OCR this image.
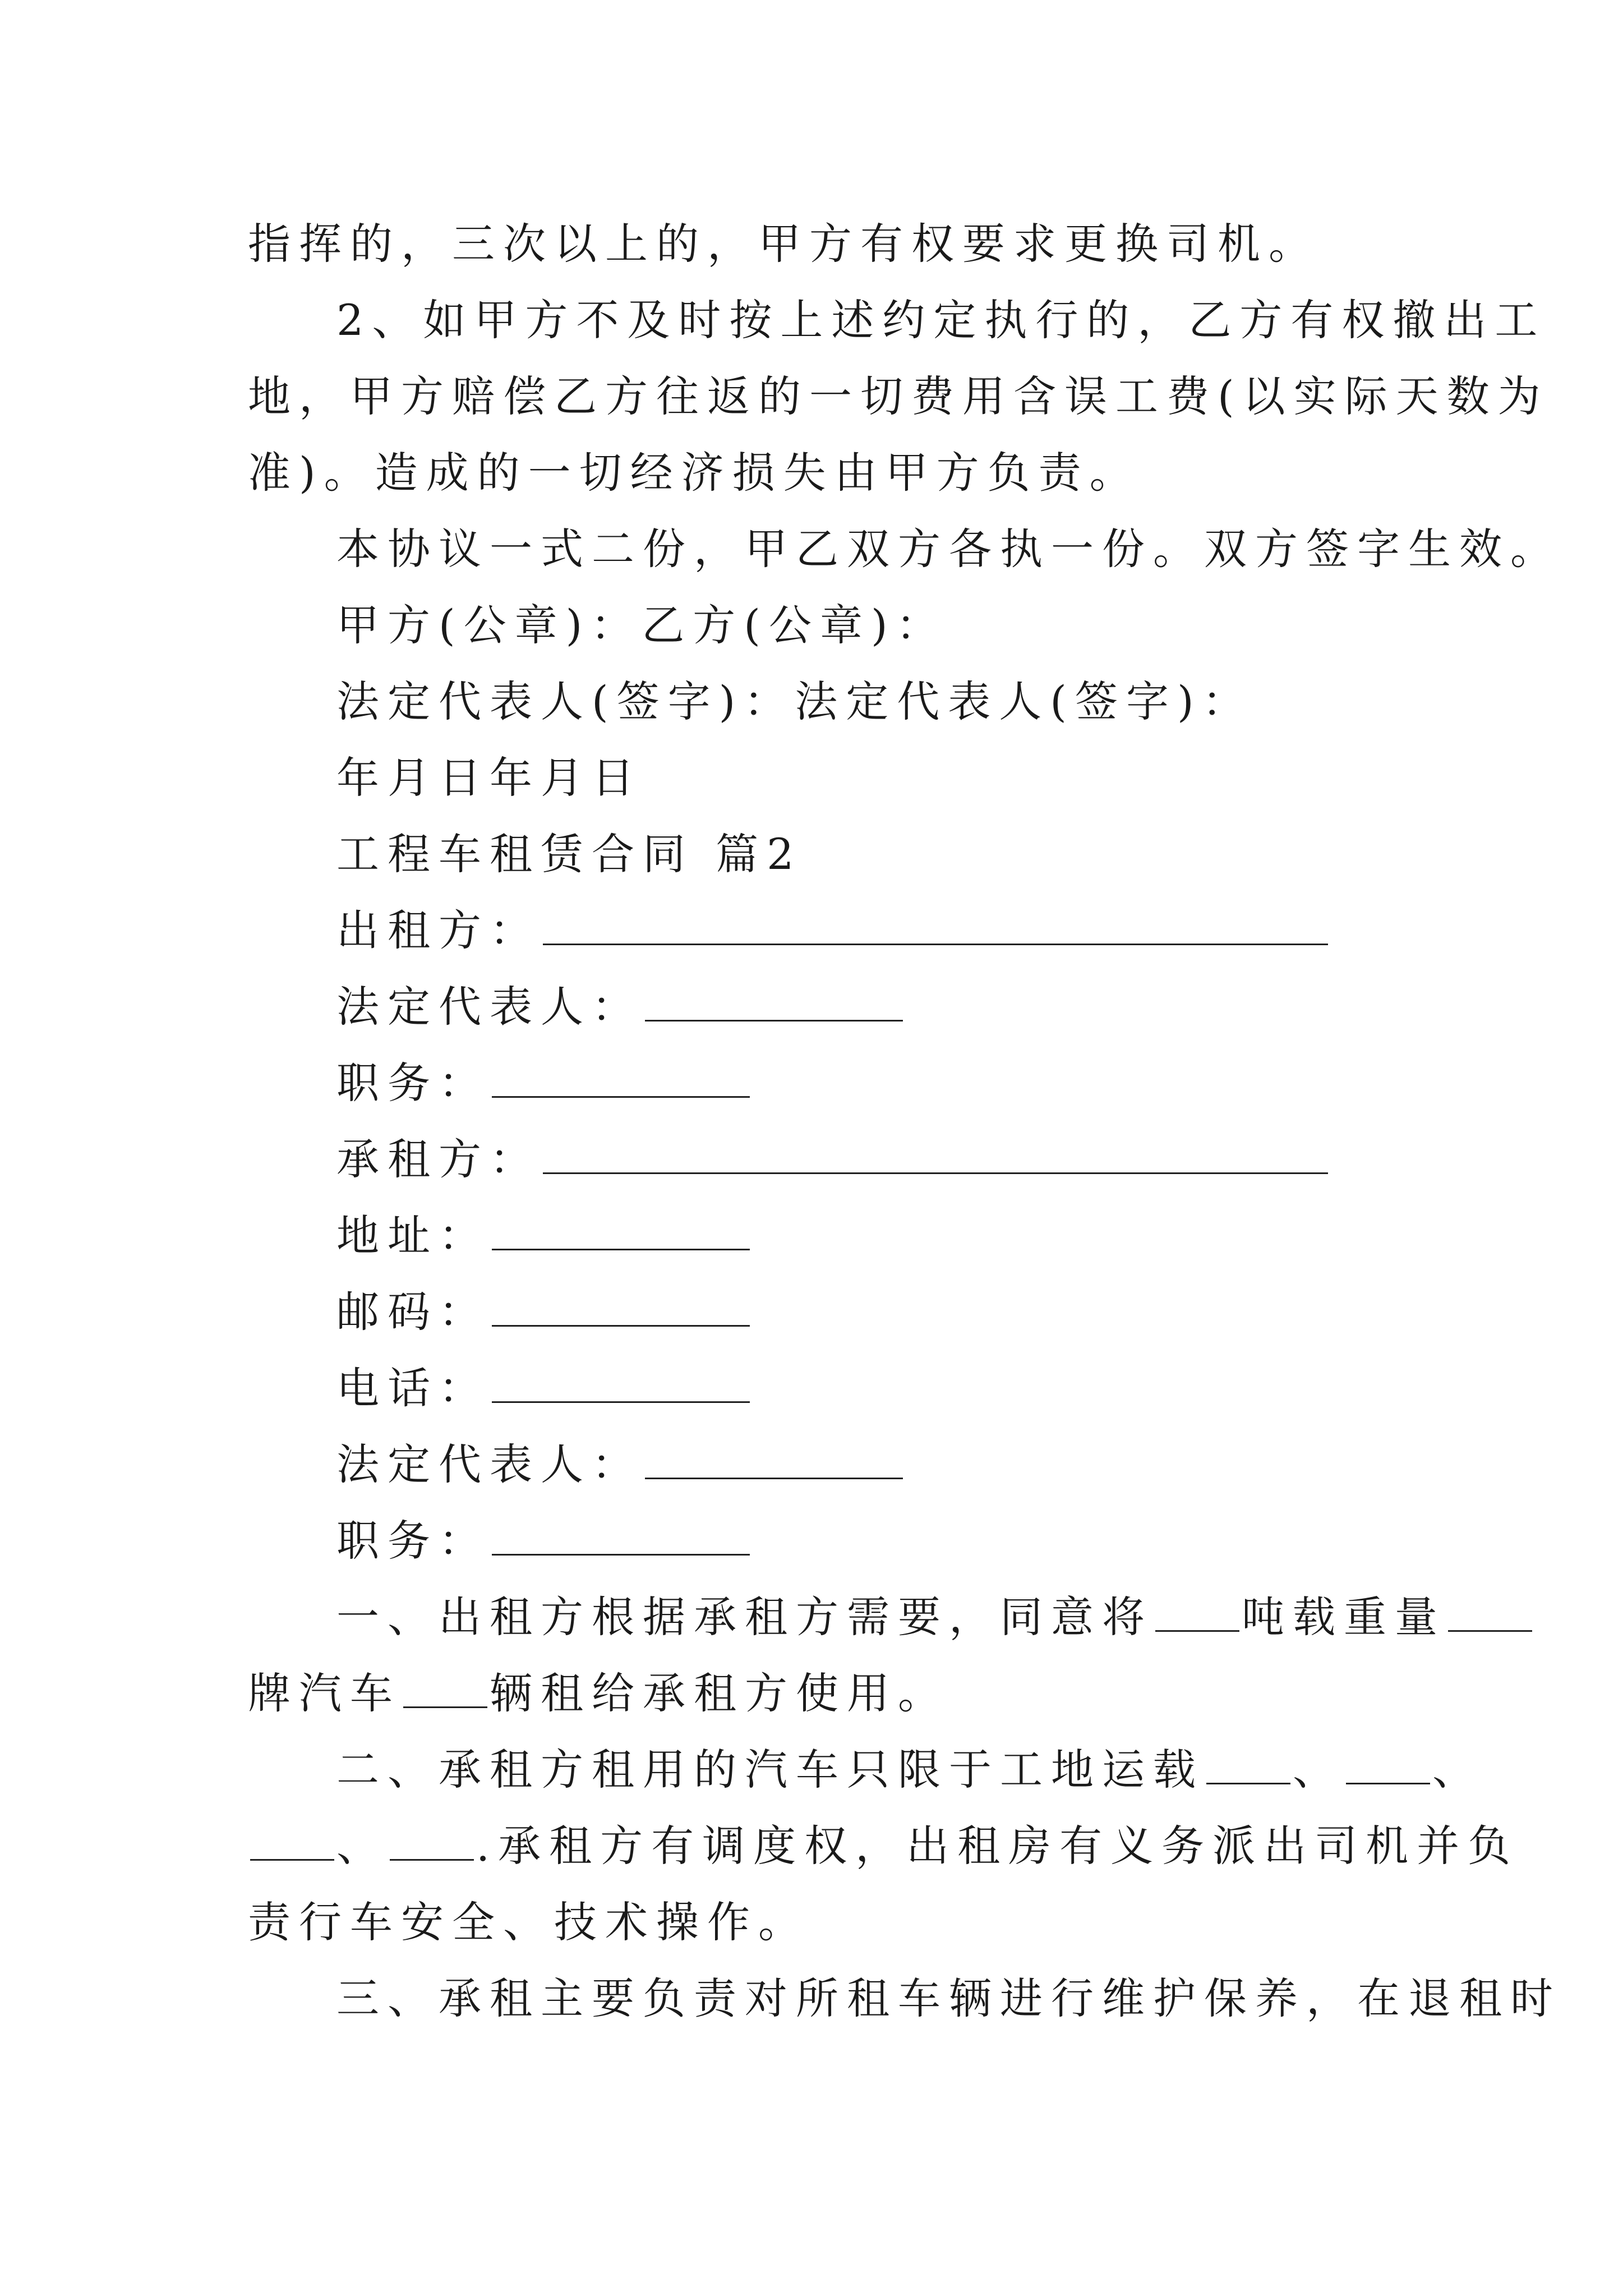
指挥的，三次以上的，甲方有权要求更换司机。
2、如甲方不及时按上述约定执行的，乙方有权撤出工
地，甲方赔偿乙方往返的一切费用含误工费(以实际天数为
准)。造成的一切经济损失由甲方负责。
本协议一式二份，甲乙双方各执一份。双方签字生效。
甲方(公章)：乙方(公章)：
法定代表人(签字)：法定代表人(签字)：
年月日年月日
工程车租赁合同 篇2
出租方：
法定代表人：
职务：
承租方：
地址：
邮码：
电话：
法定代表人：
职务：
一、出租方根据承租方需要，同意将 吨载重量
牌汽车 辆租给承租方使用。
二、承租方租用的汽车只限于工地运载 、 、
、 .承租方有调度权，出租房有义务派出司机并负
责行车安全、技术操作。
三、承租主要负责对所租车辆进行维护保养，在退租时
